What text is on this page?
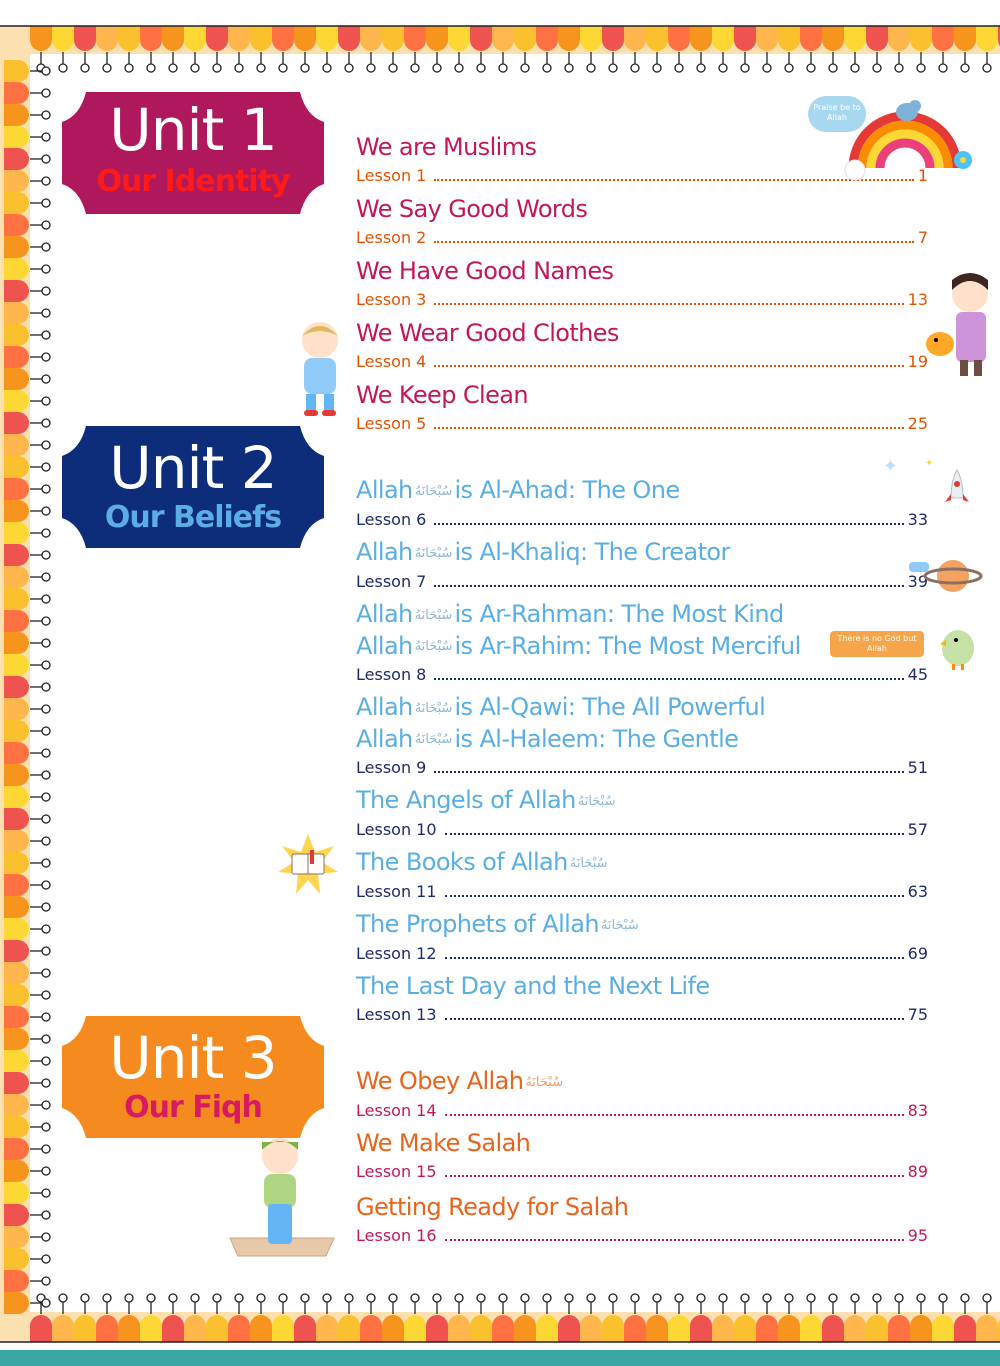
Unit 1
Our Identity
Unit 2
Our Beliefs
Unit 3
Our Fiqh
We are Muslims
Lesson 1	1
We Say Good Words
Lesson 2	7
We Have Good Names
Lesson 3	13
We Wear Good Clothes
Lesson 4	19
We Keep Clean
Lesson 5	25
Allah سُبْحَانَهُis Al-Ahad: The One
Lesson 6	33
Allah سُبْحَانَهُis Al-Khaliq: The Creator
Lesson 7	39
Allah سُبْحَانَهُis Ar-Rahman: The Most Kind
Allah سُبْحَانَهُis Ar-Rahim: The Most Merciful
Lesson 8	45
Allah سُبْحَانَهُis Al-Qawi: The All Powerful
Allah سُبْحَانَهُis Al-Haleem: The Gentle
Lesson 9	51
The Angels of Allah سُبْحَانَهُ
Lesson 10	57
The Books of Allah سُبْحَانَهُ
Lesson 11	63
The Prophets of Allah سُبْحَانَهُ
Lesson 12	69
The Last Day and the Next Life
Lesson 13	75
We Obey Allah سُبْحَانَهُ
Lesson 14	83
We Make Salah
Lesson 15	89
Getting Ready for Salah
Lesson 16	95
Praise be to Allah
✦	✦
There is no God but Allah
